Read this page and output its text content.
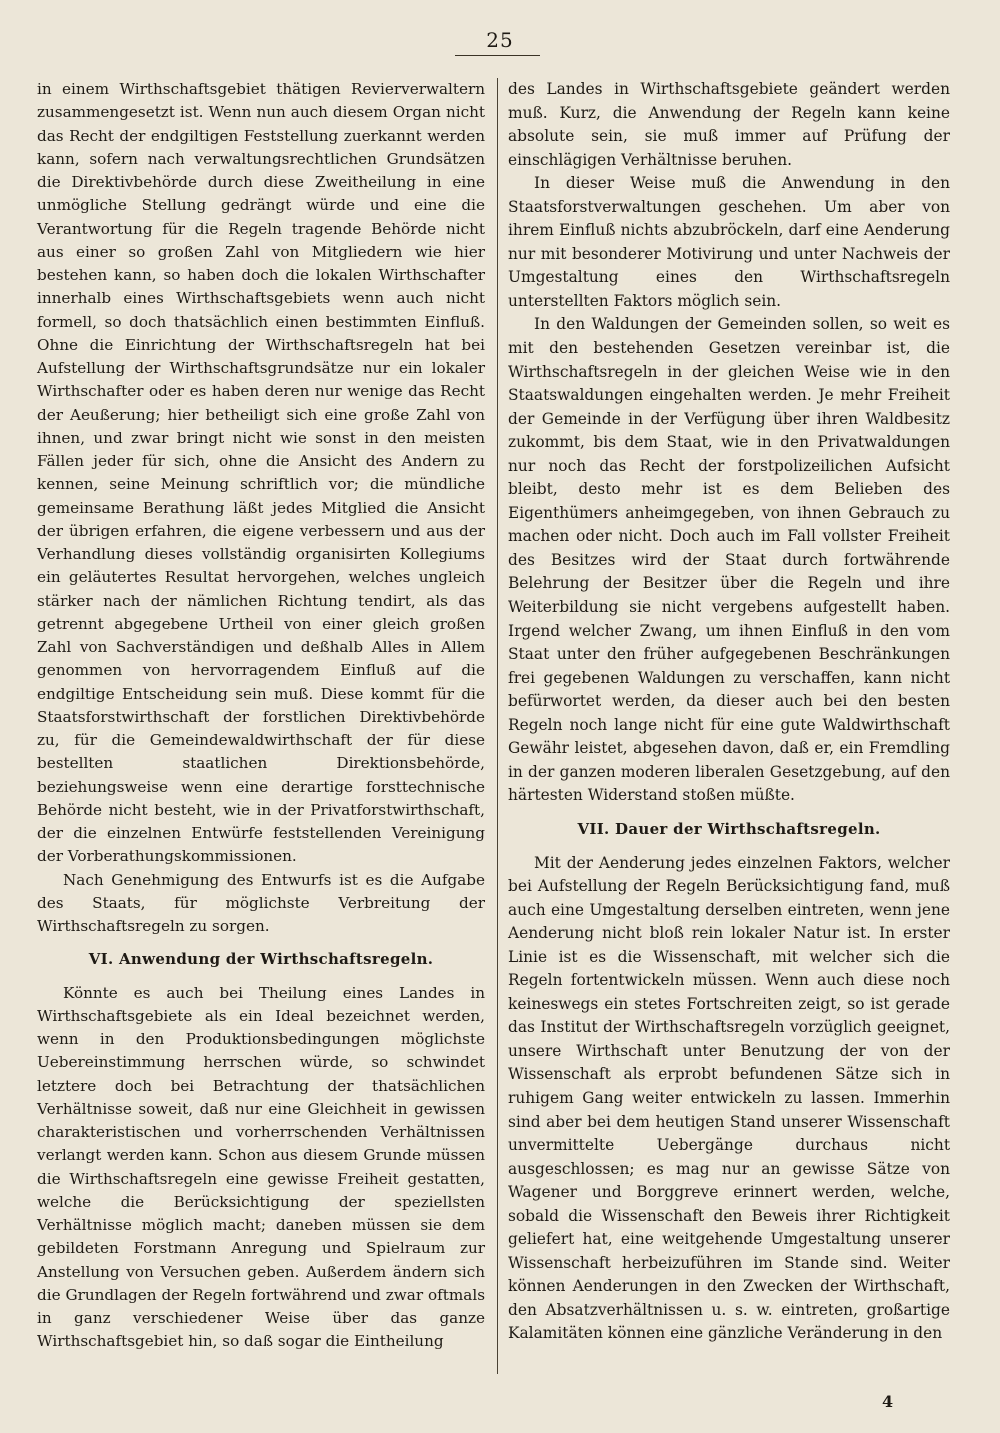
25

in einem Wirthschaftsgebiet thätigen Revierverwaltern zusammengesetzt ist. Wenn nun auch diesem Organ nicht das Recht der endgiltigen Feststellung zuerkannt werden kann, sofern nach verwaltungsrechtlichen Grundsätzen die Direktivbehörde durch diese Zweitheilung in eine unmögliche Stellung gedrängt würde und eine die Verantwortung für die Regeln tragende Behörde nicht aus einer so großen Zahl von Mitgliedern wie hier bestehen kann, so haben doch die lokalen Wirthschafter innerhalb eines Wirthschaftsgebiets wenn auch nicht formell, so doch thatsächlich einen bestimmten Einfluß. Ohne die Einrichtung der Wirthschaftsregeln hat bei Aufstellung der Wirthschaftsgrundsätze nur ein lokaler Wirthschafter oder es haben deren nur wenige das Recht der Aeußerung; hier betheiligt sich eine große Zahl von ihnen, und zwar bringt nicht wie sonst in den meisten Fällen jeder für sich, ohne die Ansicht des Andern zu kennen, seine Meinung schriftlich vor; die mündliche gemeinsame Berathung läßt jedes Mitglied die Ansicht der übrigen erfahren, die eigene verbessern und aus der Verhandlung dieses vollständig organisirten Kollegiums ein geläutertes Resultat hervorgehen, welches ungleich stärker nach der nämlichen Richtung tendirt, als das getrennt abgegebene Urtheil von einer gleich großen Zahl von Sachverständigen und deßhalb Alles in Allem genommen von hervorragendem Einfluß auf die endgiltige Entscheidung sein muß. Diese kommt für die Staatsforstwirthschaft der forstlichen Direktivbehörde zu, für die Gemeindewaldwirthschaft der für diese bestellten staatlichen Direktionsbehörde, beziehungsweise wenn eine derartige forsttechnische Behörde nicht besteht, wie in der Privatforstwirthschaft, der die einzelnen Entwürfe feststellenden Vereinigung der Vorberathungskommissionen.

Nach Genehmigung des Entwurfs ist es die Aufgabe des Staats, für möglichste Verbreitung der Wirthschaftsregeln zu sorgen.

VI. Anwendung der Wirthschaftsregeln.

Könnte es auch bei Theilung eines Landes in Wirthschaftsgebiete als ein Ideal bezeichnet werden, wenn in den Produktionsbedingungen möglichste Uebereinstimmung herrschen würde, so schwindet letztere doch bei Betrachtung der thatsächlichen Verhältnisse soweit, daß nur eine Gleichheit in gewissen charakteristischen und vorherrschenden Verhältnissen verlangt werden kann. Schon aus diesem Grunde müssen die Wirthschaftsregeln eine gewisse Freiheit gestatten, welche die Berücksichtigung der speziellsten Verhältnisse möglich macht; daneben müssen sie dem gebildeten Forstmann Anregung und Spielraum zur Anstellung von Versuchen geben. Außerdem ändern sich die Grundlagen der Regeln fortwährend und zwar oftmals in ganz verschiedener Weise über das ganze Wirthschaftsgebiet hin, so daß sogar die Eintheilung

des Landes in Wirthschaftsgebiete geändert werden muß. Kurz, die Anwendung der Regeln kann keine absolute sein, sie muß immer auf Prüfung der einschlägigen Verhältnisse beruhen.

In dieser Weise muß die Anwendung in den Staatsforstverwaltungen geschehen. Um aber von ihrem Einfluß nichts abzubröckeln, darf eine Aenderung nur mit besonderer Motivirung und unter Nachweis der Umgestaltung eines den Wirthschaftsregeln unterstellten Faktors möglich sein.

In den Waldungen der Gemeinden sollen, so weit es mit den bestehenden Gesetzen vereinbar ist, die Wirthschaftsregeln in der gleichen Weise wie in den Staatswaldungen eingehalten werden. Je mehr Freiheit der Gemeinde in der Verfügung über ihren Waldbesitz zukommt, bis dem Staat, wie in den Privatwaldungen nur noch das Recht der forstpolizeilichen Aufsicht bleibt, desto mehr ist es dem Belieben des Eigenthümers anheimgegeben, von ihnen Gebrauch zu machen oder nicht. Doch auch im Fall vollster Freiheit des Besitzes wird der Staat durch fortwährende Belehrung der Besitzer über die Regeln und ihre Weiterbildung sie nicht vergebens aufgestellt haben. Irgend welcher Zwang, um ihnen Einfluß in den vom Staat unter den früher aufgegebenen Beschränkungen frei gegebenen Waldungen zu verschaffen, kann nicht befürwortet werden, da dieser auch bei den besten Regeln noch lange nicht für eine gute Waldwirthschaft Gewähr leistet, abgesehen davon, daß er, ein Fremdling in der ganzen moderen liberalen Gesetzgebung, auf den härtesten Widerstand stoßen müßte.

VII. Dauer der Wirthschaftsregeln.

Mit der Aenderung jedes einzelnen Faktors, welcher bei Aufstellung der Regeln Berücksichtigung fand, muß auch eine Umgestaltung derselben eintreten, wenn jene Aenderung nicht bloß rein lokaler Natur ist. In erster Linie ist es die Wissenschaft, mit welcher sich die Regeln fortentwickeln müssen. Wenn auch diese noch keineswegs ein stetes Fortschreiten zeigt, so ist gerade das Institut der Wirthschaftsregeln vorzüglich geeignet, unsere Wirthschaft unter Benutzung der von der Wissenschaft als erprobt befundenen Sätze sich in ruhigem Gang weiter entwickeln zu lassen. Immerhin sind aber bei dem heutigen Stand unserer Wissenschaft unvermittelte Uebergänge durchaus nicht ausgeschlossen; es mag nur an gewisse Sätze von Wagener und Borggreve erinnert werden, welche, sobald die Wissenschaft den Beweis ihrer Richtigkeit geliefert hat, eine weitgehende Umgestaltung unserer Wissenschaft herbeizuführen im Stande sind. Weiter können Aenderungen in den Zwecken der Wirthschaft, den Absatzverhältnissen u. s. w. eintreten, großartige Kalamitäten können eine gänzliche Veränderung in den

4
